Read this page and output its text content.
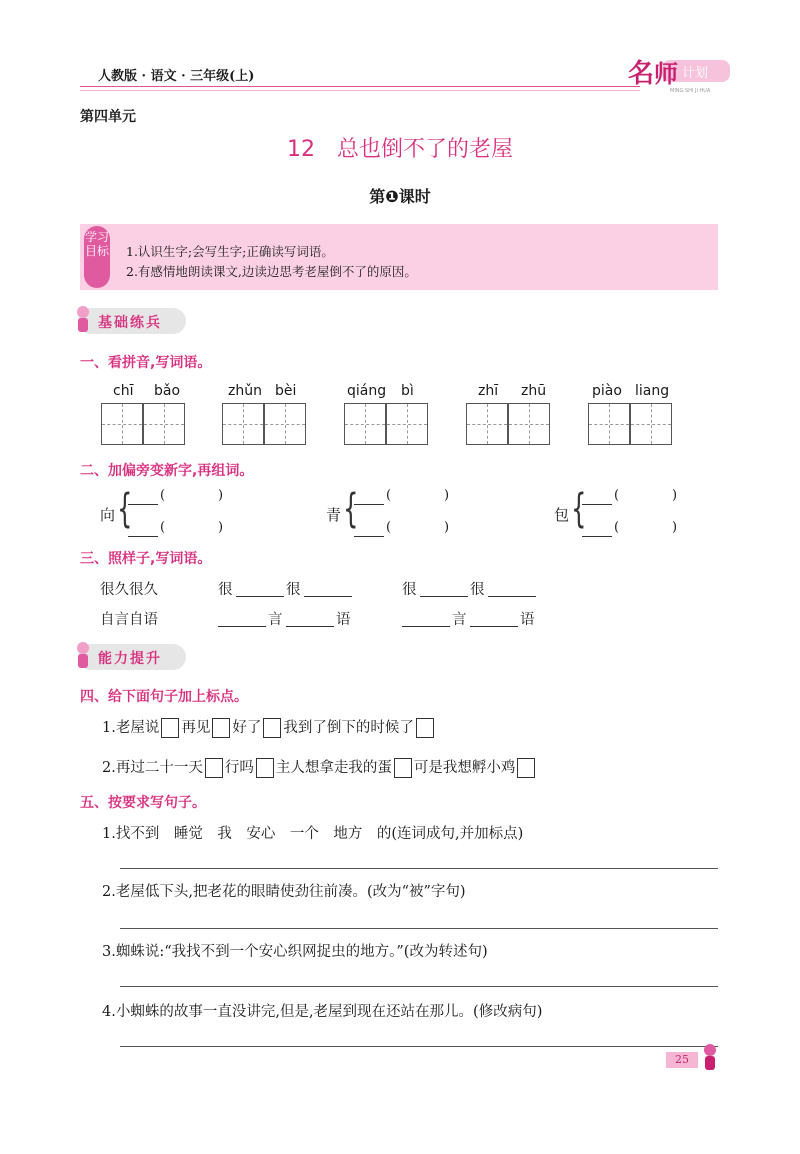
人教版 · 语文 · 三年级(上)	名 师 计划
MING SHI JI HUA
第四单元
12 总也倒不了的老屋
第❶课时
学习目标 1.认识生字;会写生字;正确读写词语。
2.有感情地朗读课文,边读边思考老屋倒不了的原因。
基础练兵
一、看拼音,写词语。
chī bǎo	zhǔn bèi	qiáng bì	zhī zhū	piào liang
二、加偏旁变新字,再组词。
向 { (	)
(	)
青 { (	)
(	)
包 { (	)
(	)
三、照样子,写词语。
很久很久	很	很	很	很
自言自语	言	语	言	语
能力提升
四、给下面句子加上标点。
1.老屋说 再见 好了 我到了倒下的时候了
2.再过二十一天 行吗 主人想拿走我的蛋 可是我想孵小鸡
五、按要求写句子。
1.找不到　睡觉　我　安心　一个　地方　的(连词成句,并加标点)
2.老屋低下头,把老花的眼睛使劲往前凑。(改为“被”字句)
3.蜘蛛说:“我找不到一个安心织网捉虫的地方。”(改为转述句)
4.小蜘蛛的故事一直没讲完,但是,老屋到现在还站在那儿。(修改病句)
25
